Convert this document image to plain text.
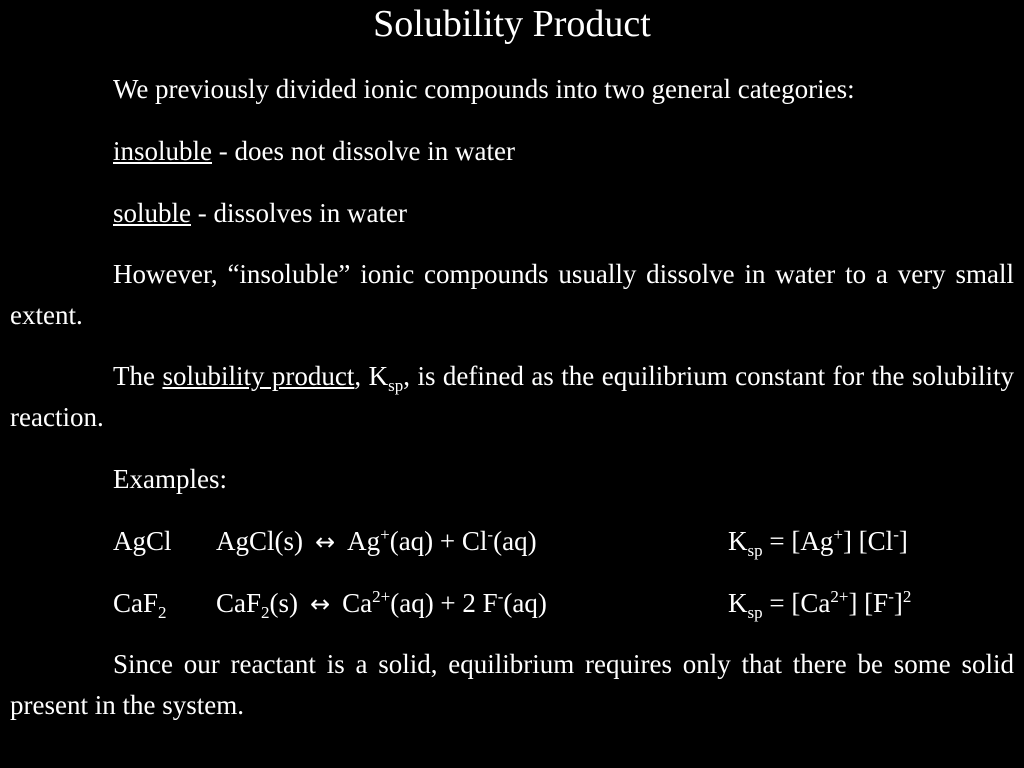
Solubility Product

We previously divided ionic compounds into two general categories:

insoluble - does not dissolve in water
soluble - dissolves in water

However, “insoluble” ionic compounds usually dissolve in water to a very small extent.

The solubility product, $K_{sp}$, is defined as the equilibrium constant for the solubility reaction.

Examples:
AgCl AgCl(s) ↔ Ag+(aq) + Cl-(aq)	$K_{sp} = [Ag^+]$ [Cl-]
CaF$_2$ CaF$_2$(s) ↔ $Ca^{2+}(aq) + 2$ F-(aq)	$K_{sp} = [Ca^{2+}]$ $[F^-]^2$

Since our reactant is a solid, equilibrium requires only that there be some solid present in the system.
